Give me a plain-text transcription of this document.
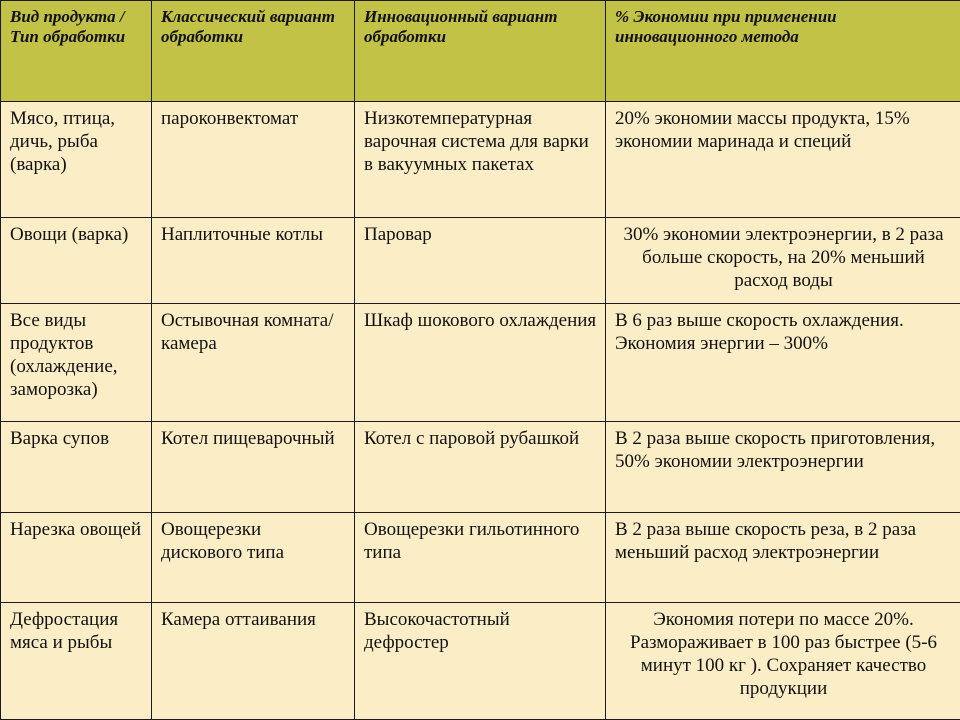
Вид продукта / Тип обработки	Классический вариант обработки	Инновационный вариант обработки	% Экономии при применении инновационного метода
Мясо, птица, дичь, рыба (варка)	пароконвектомат	Низкотемпературная варочная система для варки в вакуумных пакетах	20% экономии массы продукта, 15% экономии маринада и специй
Овощи (варка)	Наплиточные котлы	Паровар	30% экономии электроэнергии, в 2 раза больше скорость, на 20% меньший расход воды
Все виды продуктов (охлаждение, заморозка)	Остывочная комната/камера	Шкаф шокового охлаждения	В 6 раз выше скорость охлаждения. Экономия энергии – 300%
Варка супов	Котел пищеварочный	Котел с паровой рубашкой	В 2 раза выше скорость приготовления, 50% экономии электроэнергии
Нарезка овощей	Овощерезки дискового типа	Овощерезки гильотинного типа	В 2 раза выше скорость реза, в 2 раза меньший расход электроэнергии
Дефростация мяса и рыбы	Камера оттаивания	Высокочастотный дефростер	Экономия потери по массе 20%. Размораживает в 100 раз быстрее (5-6 минут 100 кг ). Сохраняет качество продукции
